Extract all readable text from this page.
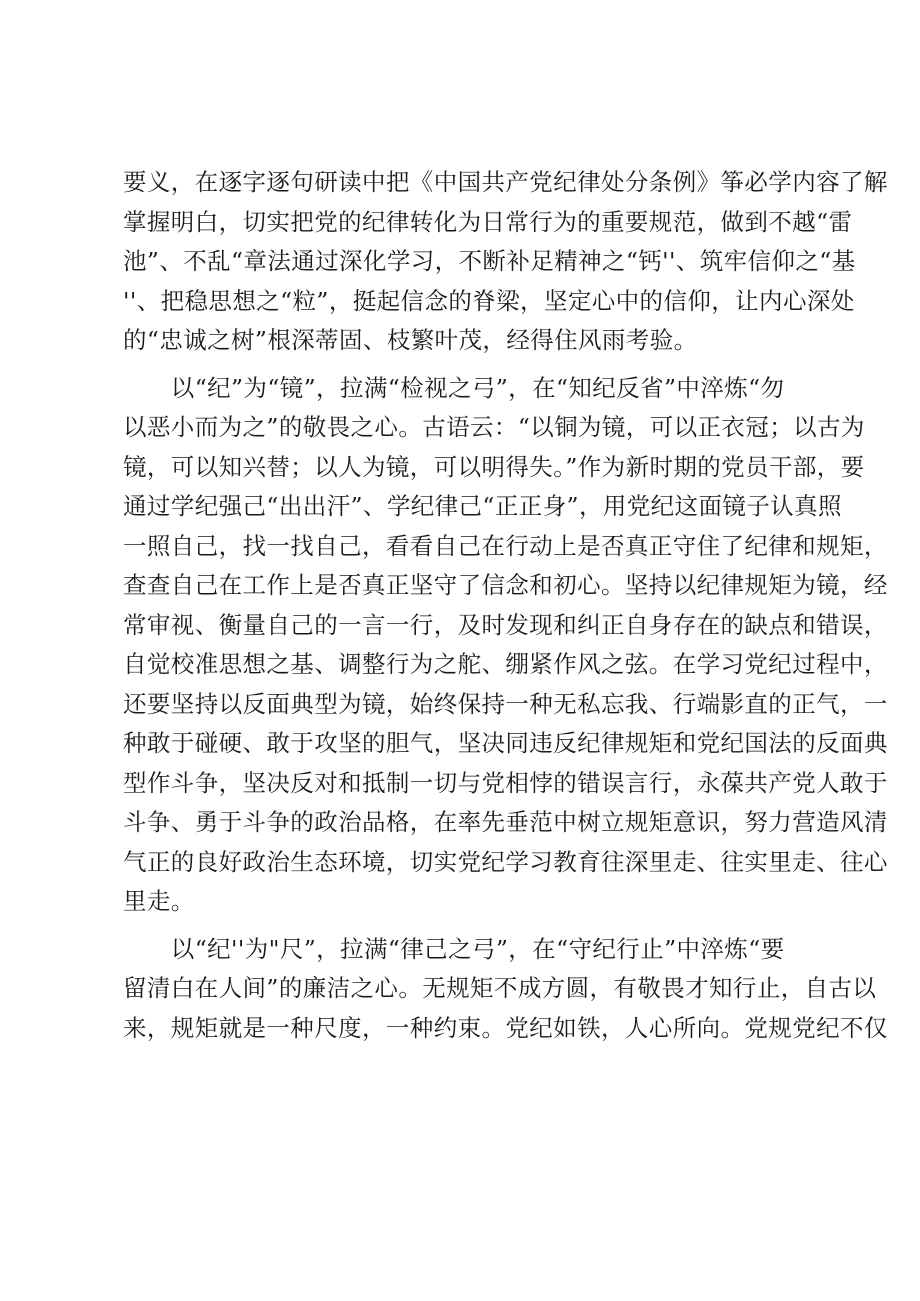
要义，在逐字逐句研读中把《中国共产党纪律处分条例》筝必学内容了解
掌握明白，切实把党的纪律转化为日常行为的重要规范，做到不越“雷
池”、不乱“章法通过深化学习，不断补足精神之“钙''、筑牢信仰之“基
''、把稳思想之“粒”，挺起信念的脊梁，坚定心中的信仰，让内心深处
的“忠诚之树”根深蒂固、枝繁叶茂，经得住风雨考验。
　　以“纪”为“镜”，拉满“检视之弓”，在“知纪反省”中淬炼“勿
以恶小而为之”的敬畏之心。古语云：“以铜为镜，可以正衣冠；以古为
镜，可以知兴替；以人为镜，可以明得失。”作为新时期的党员干部，要
通过学纪强己“出出汗”、学纪律己“正正身”，用党纪这面镜子认真照
一照自己，找一找自己，看看自己在行动上是否真正守住了纪律和规矩，
查查自己在工作上是否真正坚守了信念和初心。坚持以纪律规矩为镜，经
常审视、衡量自己的一言一行，及时发现和纠正自身存在的缺点和错误，
自觉校准思想之基、调整行为之舵、绷紧作风之弦。在学习党纪过程中，
还要坚持以反面典型为镜，始终保持一种无私忘我、行端影直的正气，一
种敢于碰硬、敢于攻坚的胆气，坚决同违反纪律规矩和党纪国法的反面典
型作斗争，坚决反对和抵制一切与党相悖的错误言行，永葆共产党人敢于
斗争、勇于斗争的政治品格，在率先垂范中树立规矩意识，努力营造风清
气正的良好政治生态环境，切实党纪学习教育往深里走、往实里走、往心
里走。
　　以“纪''为"尺”，拉满“律己之弓”，在“守纪行止”中淬炼“要
留清白在人间”的廉洁之心。无规矩不成方圆，有敬畏才知行止，自古以
来，规矩就是一种尺度，一种约束。党纪如铁，人心所向。党规党纪不仅
